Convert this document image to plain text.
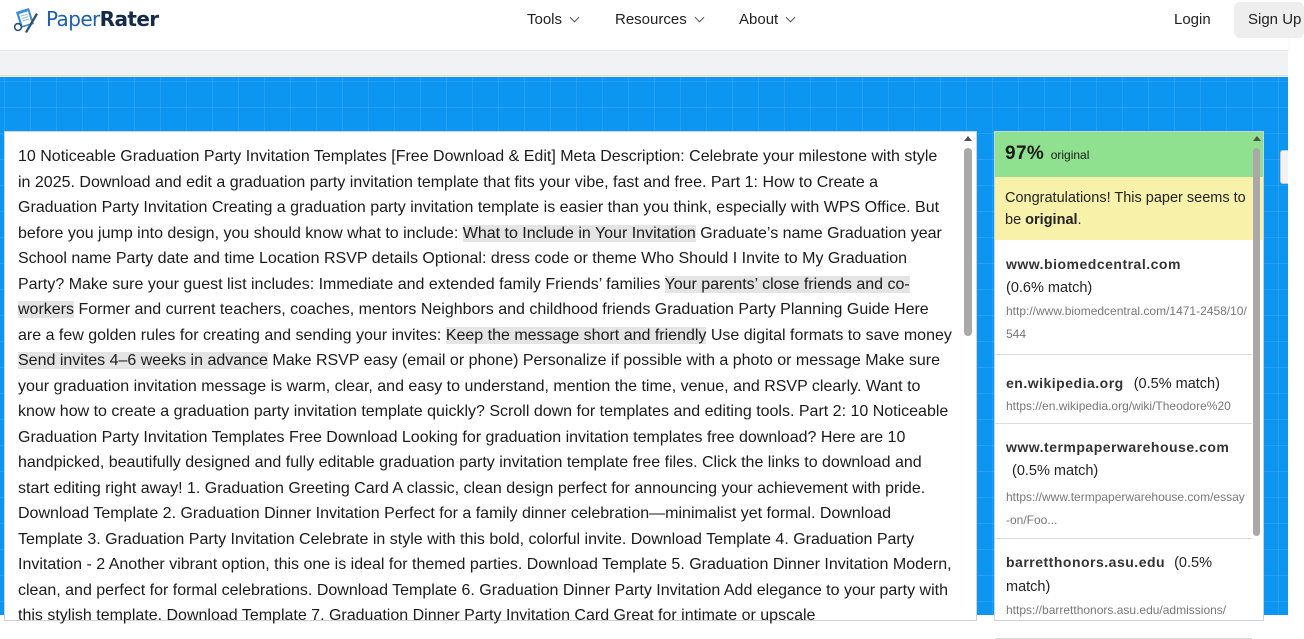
PaperRater	Tools	Resources	About	Login	Sign Up
10 Noticeable Graduation Party Invitation Templates [Free Download & Edit] Meta Description: Celebrate your milestone with style in 2025. Download and edit a graduation party invitation template that fits your vibe, fast and free. Part 1: How to Create a Graduation Party Invitation Creating a graduation party invitation template is easier than you think, especially with WPS Office. But before you jump into design, you should know what to include: What to Include in Your Invitation Graduate’s name Graduation year School name Party date and time Location RSVP details Optional: dress code or theme Who Should I Invite to My Graduation Party? Make sure your guest list includes: Immediate and extended family Friends’ families Your parents’ close friends and co-workers Former and current teachers, coaches, mentors Neighbors and childhood friends Graduation Party Planning Guide Here are a few golden rules for creating and sending your invites: Keep the message short and friendly Use digital formats to save money Send invites 4–6 weeks in advance Make RSVP easy (email or phone) Personalize if possible with a photo or message Make sure your graduation invitation message is warm, clear, and easy to understand, mention the time, venue, and RSVP clearly. Want to know how to create a graduation party invitation template quickly? Scroll down for templates and editing tools. Part 2: 10 Noticeable Graduation Party Invitation Templates Free Download Looking for graduation invitation templates free download? Here are 10 handpicked, beautifully designed and fully editable graduation party invitation template free files. Click the links to download and start editing right away! 1. Graduation Greeting Card A classic, clean design perfect for announcing your achievement with pride. Download Template 2. Graduation Dinner Invitation Perfect for a family dinner celebration—minimalist yet formal. Download Template 3. Graduation Party Invitation Celebrate in style with this bold, colorful invite. Download Template 4. Graduation Party Invitation - 2 Another vibrant option, this one is ideal for themed parties. Download Template 5. Graduation Dinner Invitation Modern, clean, and perfect for formal celebrations. Download Template 6. Graduation Dinner Party Invitation Add elegance to your party with this stylish template. Download Template 7. Graduation Dinner Party Invitation Card Great for intimate or upscale
97% original
Congratulations! This paper seems to be original.
www.biomedcentral.com
(0.6% match)
http://www.biomedcentral.com/1471-2458/10/544
en.wikipedia.org (0.5% match)
https://en.wikipedia.org/wiki/Theodore%20
www.termpaperwarehouse.com
(0.5% match)
https://www.termpaperwarehouse.com/essay-on/Foo...
barretthonors.asu.edu (0.5% match)
https://barretthonors.asu.edu/admissions/
